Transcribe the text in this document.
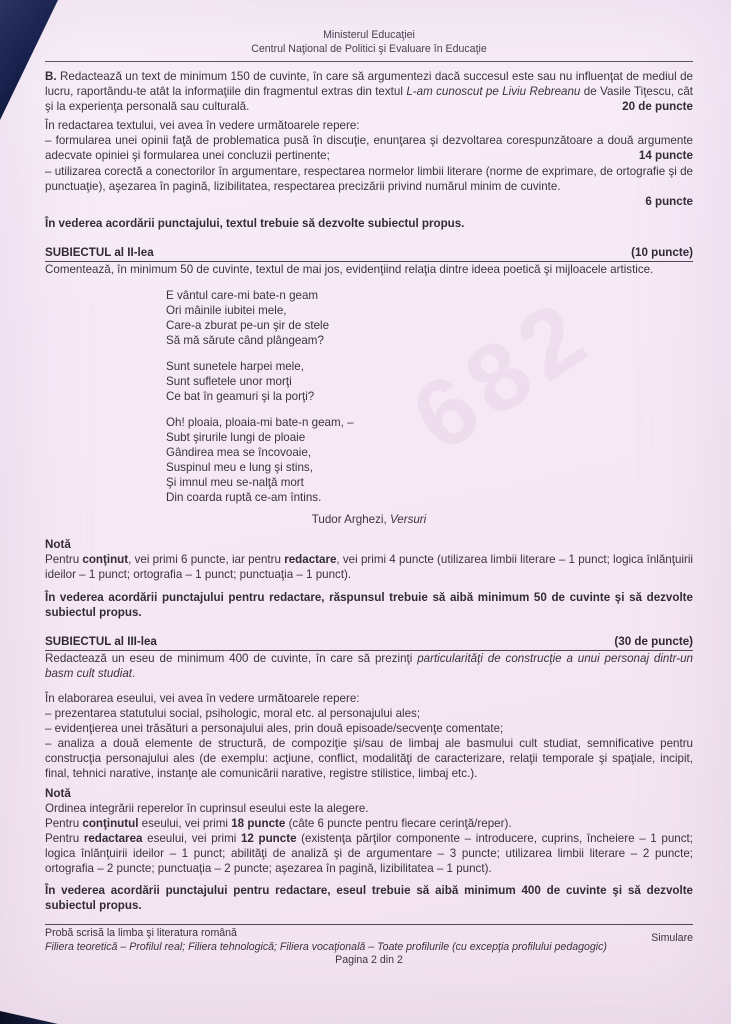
682
Ministerul Educaţiei
Centrul Naţional de Politici şi Evaluare în Educaţie

B. Redactează un text de minimum 150 de cuvinte, în care să argumentezi dacă succesul este sau nu influenţat de mediul de lucru, raportându-te atât la informaţiile din fragmentul extras din textul L-am cunoscut pe Liviu Rebreanu de Vasile Tiţescu, cât şi la experienţa personală sau culturală.	20 de puncte

În redactarea textului, vei avea în vedere următoarele repere:

– formularea unei opinii faţă de problematica pusă în discuţie, enunţarea şi dezvoltarea corespunzătoare a două argumente adecvate opiniei şi formularea unei concluzii pertinente;	14 puncte

– utilizarea corectă a conectorilor în argumentare, respectarea normelor limbii literare (norme de exprimare, de ortografie şi de punctuaţie), aşezarea în pagină, lizibilitatea, respectarea precizării privind numărul minim de cuvinte.

6 puncte

În vederea acordării punctajului, textul trebuie să dezvolte subiectul propus.

SUBIECTUL al II-lea	(10 puncte)

Comentează, în minimum 50 de cuvinte, textul de mai jos, evidenţiind relaţia dintre ideea poetică şi mijloacele artistice.

E vântul care-mi bate-n geam
Ori mâinile iubitei mele,
Care-a zburat pe-un şir de stele
Să mă sărute când plângeam?
Sunt sunetele harpei mele,
Sunt sufletele unor morţi
Ce bat în geamuri şi la porţi?
Oh! ploaia, ploaia-mi bate-n geam, –
Subt şirurile lungi de ploaie
Gândirea mea se încovoaie,
Suspinul meu e lung şi stins,
Şi imnul meu se-nalţă mort
Din coarda ruptă ce-am întins.

Tudor Arghezi, Versuri

Notă

Pentru conţinut, vei primi 6 puncte, iar pentru redactare, vei primi 4 puncte (utilizarea limbii literare – 1 punct; logica înlănţuirii ideilor – 1 punct; ortografia – 1 punct; punctuaţia – 1 punct).

În vederea acordării punctajului pentru redactare, răspunsul trebuie să aibă minimum 50 de cuvinte şi să dezvolte subiectul propus.

SUBIECTUL al III-lea	(30 de puncte)

Redactează un eseu de minimum 400 de cuvinte, în care să prezinţi particularităţi de construcţie a unui personaj dintr-un basm cult studiat.

În elaborarea eseului, vei avea în vedere următoarele repere:

– prezentarea statutului social, psihologic, moral etc. al personajului ales;

– evidenţierea unei trăsături a personajului ales, prin două episoade/secvenţe comentate;

– analiza a două elemente de structură, de compoziţie şi/sau de limbaj ale basmului cult studiat, semnificative pentru construcţia personajului ales (de exemplu: acţiune, conflict, modalităţi de caracterizare, relaţii temporale şi spaţiale, incipit, final, tehnici narative, instanţe ale comunicării narative, registre stilistice, limbaj etc.).

Notă

Ordinea integrării reperelor în cuprinsul eseului este la alegere.

Pentru conţinutul eseului, vei primi 18 puncte (câte 6 puncte pentru fiecare cerinţă/reper).

Pentru redactarea eseului, vei primi 12 puncte (existenţa părţilor componente – introducere, cuprins, încheiere – 1 punct; logica înlănţuirii ideilor – 1 punct; abilităţi de analiză şi de argumentare – 3 puncte; utilizarea limbii literare – 2 puncte; ortografia – 2 puncte; punctuaţia – 2 puncte; aşezarea în pagină, lizibilitatea – 1 punct).

În vederea acordării punctajului pentru redactare, eseul trebuie să aibă minimum 400 de cuvinte şi să dezvolte subiectul propus.

Probă scrisă la limba şi literatura română	Simulare
Filiera teoretică – Profilul real; Filiera tehnologică; Filiera vocaţională – Toate profilurile (cu excepţia profilului pedagogic)
Pagina 2 din 2
